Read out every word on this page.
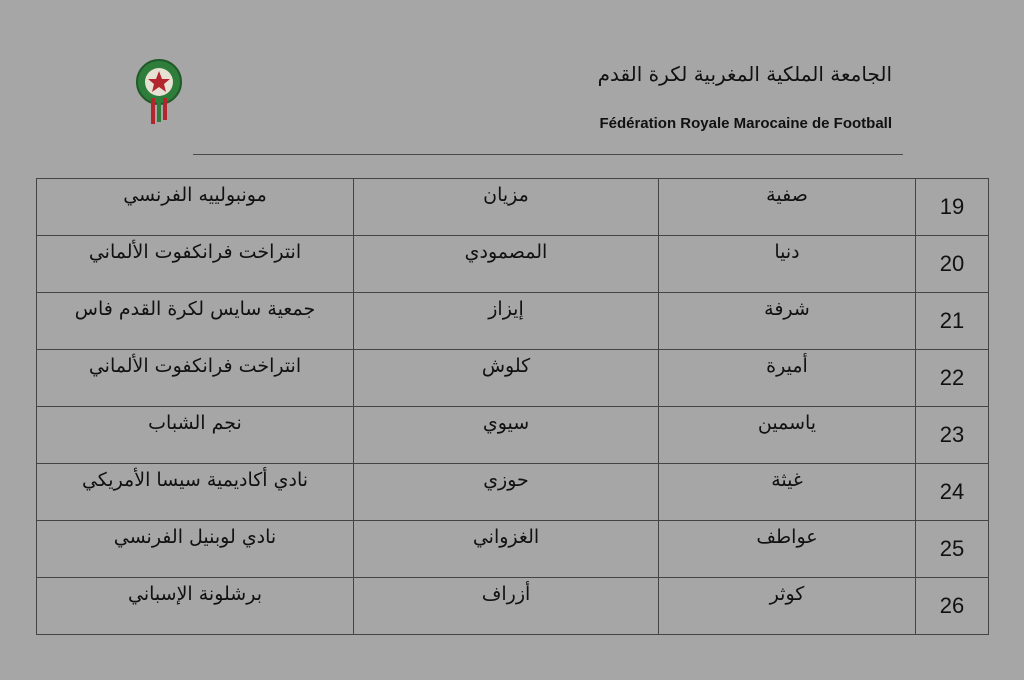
الجامعة الملكية المغربية لكرة القدم
Fédération Royale Marocaine de Football
19	صفية	مزيان	مونبولييه الفرنسي

20	دنيا	المصمودي	انتراخت فرانكفوت الألماني

21	شرفة	إيزاز	جمعية سايس لكرة القدم فاس

22	أميرة	كلوش	انتراخت فرانكفوت الألماني

23	ياسمين	سيوي	نجم الشباب

24	غيثة	حوزي	نادي أكاديمية سيسا الأمريكي

25	عواطف	الغزواني	نادي لوبنيل الفرنسي

26	كوثر	أزراف	برشلونة الإسباني
